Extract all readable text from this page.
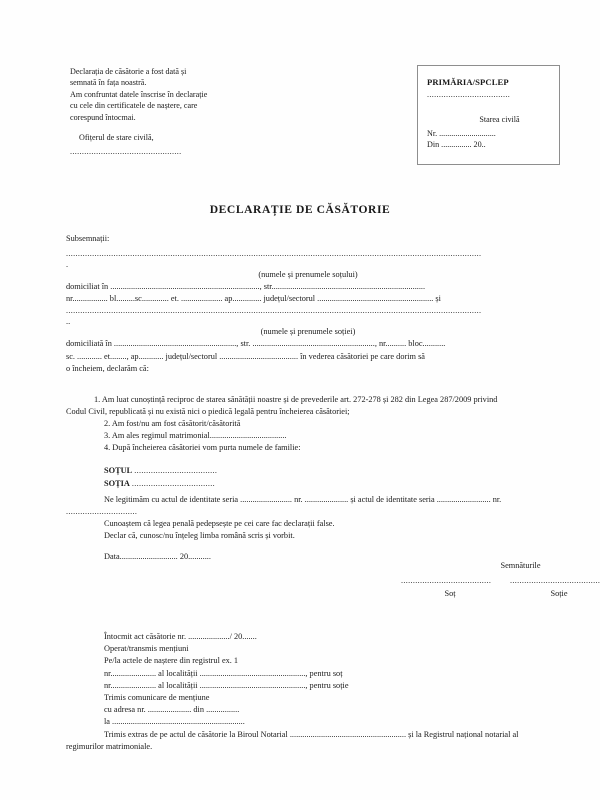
Declarația de căsătorie a fost dată și
semnată în fața noastră.
Am confruntat datele înscrise în declarație
cu cele din certificatele de naștere, care
corespund întocmai.
Ofițerul de stare civilă,
...............................................
PRIMĂRIA/SPCLEP
...................................
Starea civilă
Nr. ............................
Din ............... 20..
DECLARAȚIE DE CĂSĂTORIE
Subsemnații:
...............................................................................................................................................................................
.
(numele și prenumele soțului)
domiciliat în ........................................................................, str..........................................................................
nr................. bl.........sc............. et. .................... ap.............. județul/sectorul ........................................................ și
...............................................................................................................................................................................
..
(numele și prenumele soției)
domiciliată în ..........................................................., str. ..........................................................., nr.......... bloc...........
sc. ............ et........, ap............ județul/sectorul ...................................... în vederea căsătoriei pe care dorim să
o încheiem, declarăm că:
1. Am luat cunoștință reciproc de starea sănătății noastre și de prevederile art. 272-278 și 282 din Legea 287/2009 privind
Codul Civil, republicată și nu există nici o piedică legală pentru încheierea căsătoriei;
2. Am fost/nu am fost căsătorit/căsătorită
3. Am ales regimul matrimonial.....................................
4. După încheierea căsătoriei vom purta numele de familie:
SOȚUL ...................................
SOȚIA ...................................
Ne legitimăm cu actul de identitate seria ......................... nr. ..................... și actul de identitate seria .......................... nr.
..............................
Cunoaștem că legea penală pedepsește pe cei care fac declarații false.
Declar că, cunosc/nu înțeleg limba română scris și vorbit.
Data............................ 20...........
Semnăturile
......................................	......................................
Soț	Soție
Întocmit act căsătorie nr. ..................../ 20.......
Operat/transmis mențiuni
Pe/la actele de naștere din registrul ex. 1
nr...................... al localității ..................................................., pentru soț
nr...................... al localității ..................................................., pentru soție
Trimis comunicare de mențiune
cu adresa nr. ..................... din ................
la ................................................................
Trimis extras de pe actul de căsătorie la Biroul Notarial ........................................................ și la Registrul național notarial al
regimurilor matrimoniale.
